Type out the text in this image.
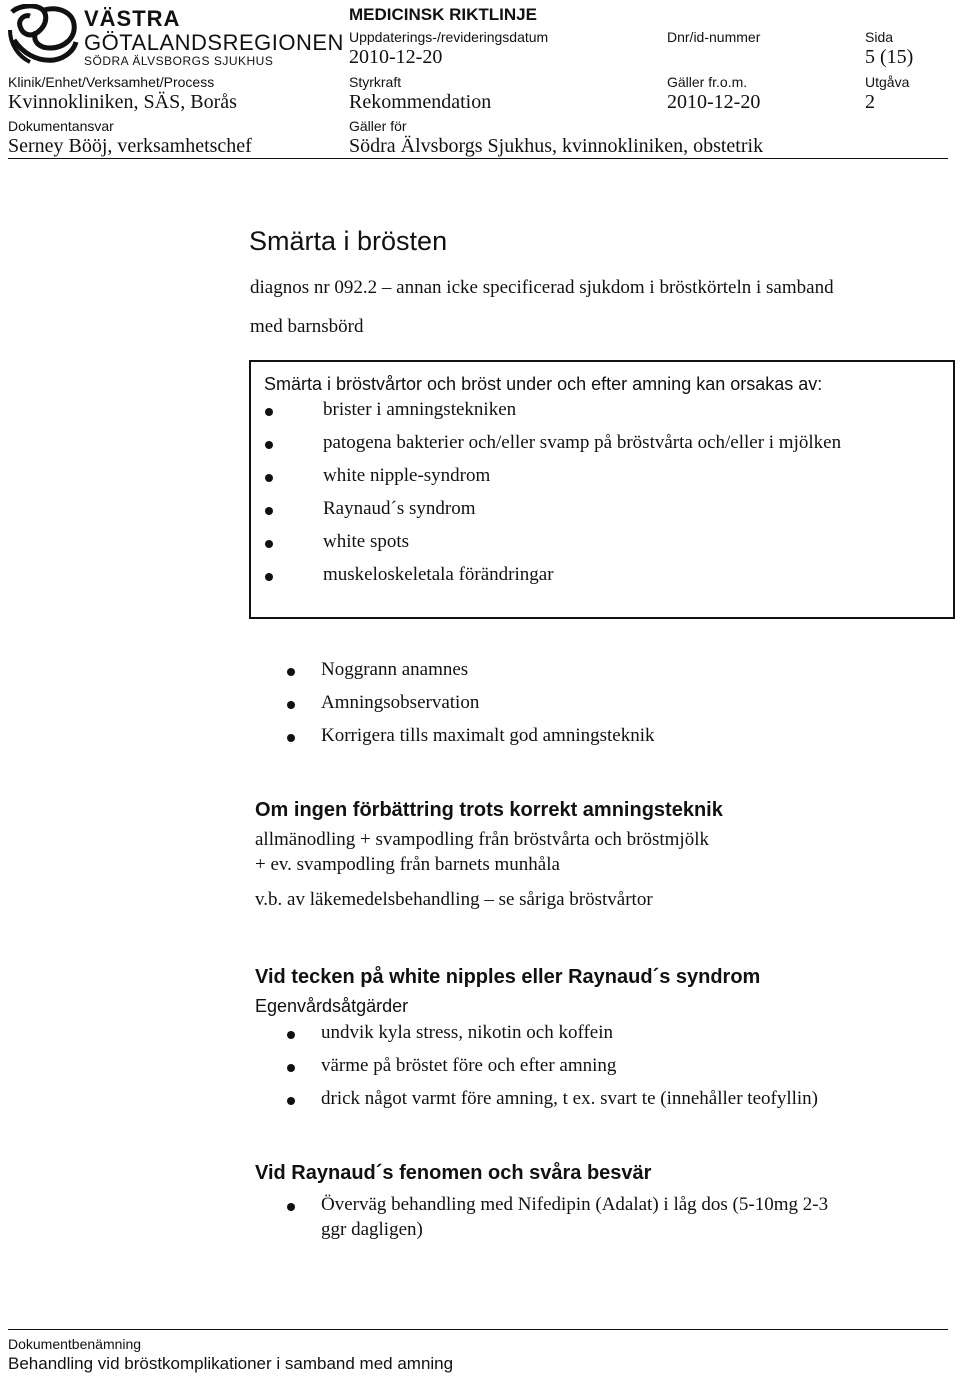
VÄSTRA
GÖTALANDSREGIONEN
SÖDRA ÄLVSBORGS SJUKHUS
MEDICINSK RIKTLINJE
Uppdaterings-/revideringsdatum
2010-12-20
Dnr/id-nummer	Sida
5 (15)
Klinik/Enhet/Verksamhet/Process
Kvinnokliniken, SÄS, Borås
Styrkraft
Rekommendation
Gäller fr.o.m.
2010-12-20
Utgåva
2
Dokumentansvar
Serney Bööj, verksamhetschef
Gäller för
Södra Älvsborgs Sjukhus, kvinnokliniken, obstetrik
Smärta i brösten
diagnos nr 092.2 – annan icke specificerad sjukdom i bröstkörteln i samband
med barnsbörd
Smärta i bröstvårtor och bröst under och efter amning kan orsakas av:
brister i amningstekniken
patogena bakterier och/eller svamp på bröstvårta och/eller i mjölken
white nipple-syndrom
Raynaud´s syndrom
white spots
muskeloskeletala förändringar
Noggrann anamnes
Amningsobservation
Korrigera tills maximalt god amningsteknik
Om ingen förbättring trots korrekt amningsteknik
allmänodling + svampodling från bröstvårta och bröstmjölk
+ ev. svampodling från barnets munhåla
v.b. av läkemedelsbehandling – se såriga bröstvårtor
Vid tecken på white nipples eller Raynaud´s syndrom
Egenvårdsåtgärder
undvik kyla stress, nikotin och koffein
värme på bröstet före och efter amning
drick något varmt före amning, t ex. svart te (innehåller teofyllin)
Vid Raynaud´s fenomen och svåra besvär
Överväg behandling med Nifedipin (Adalat) i låg dos (5-10mg 2-3
ggr dagligen)
Dokumentbenämning
Behandling vid bröstkomplikationer i samband med amning
